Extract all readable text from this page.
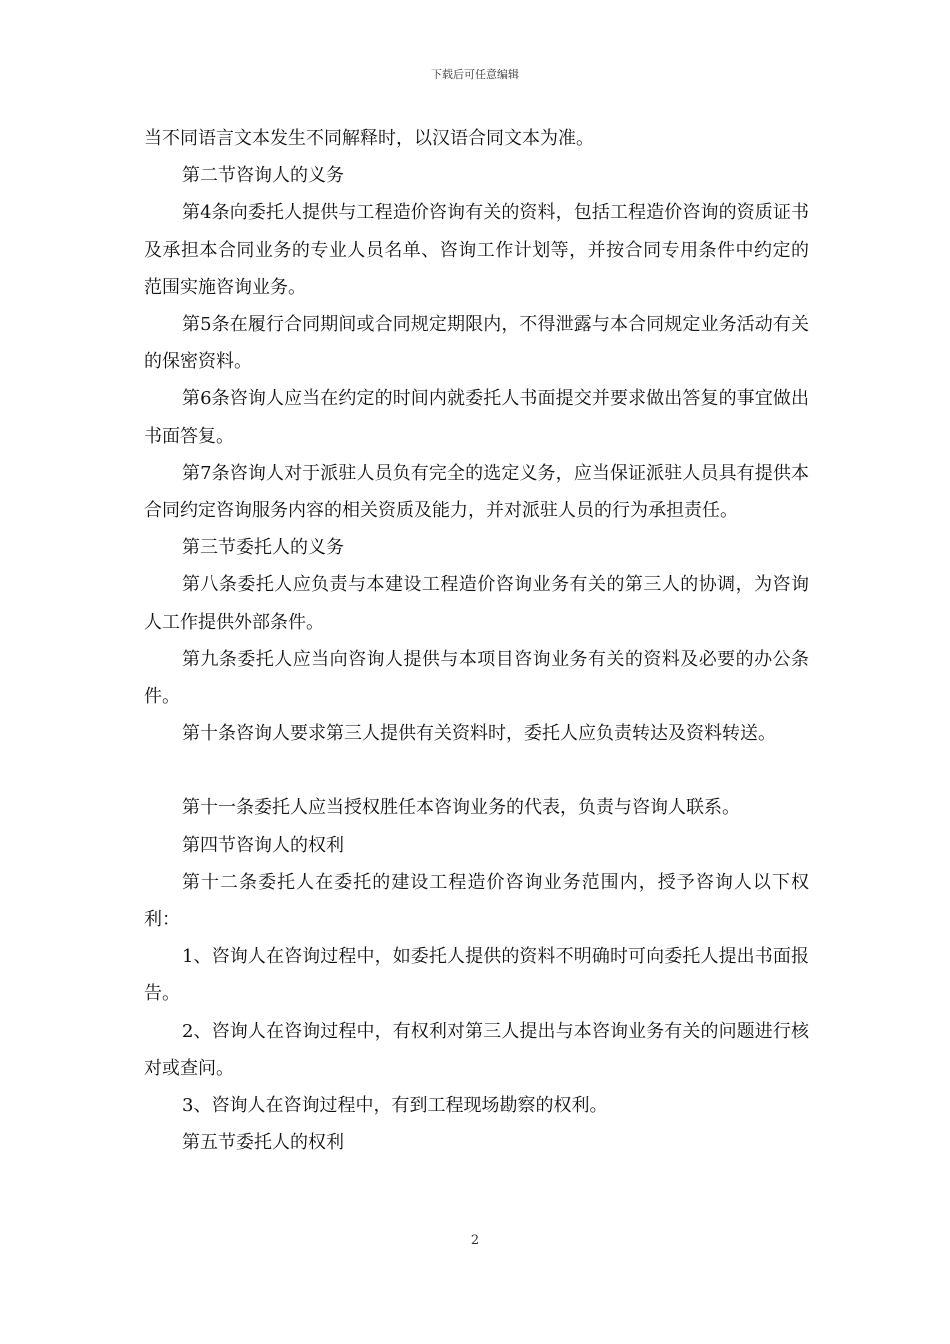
下载后可任意编辑

当不同语言文本发生不同解释时，以汉语合同文本为准。

第二节咨询人的义务

第4条向委托人提供与工程造价咨询有关的资料，包括工程造价咨询的资质证书及承担本合同业务的专业人员名单、咨询工作计划等，并按合同专用条件中约定的范围实施咨询业务。

第5条在履行合同期间或合同规定期限内，不得泄露与本合同规定业务活动有关的保密资料。

第6条咨询人应当在约定的时间内就委托人书面提交并要求做出答复的事宜做出书面答复。

第7条咨询人对于派驻人员负有完全的选定义务，应当保证派驻人员具有提供本合同约定咨询服务内容的相关资质及能力，并对派驻人员的行为承担责任。

第三节委托人的义务

第八条委托人应负责与本建设工程造价咨询业务有关的第三人的协调，为咨询人工作提供外部条件。

第九条委托人应当向咨询人提供与本项目咨询业务有关的资料及必要的办公条件。

第十条咨询人要求第三人提供有关资料时，委托人应负责转达及资料转送。

第十一条委托人应当授权胜任本咨询业务的代表，负责与咨询人联系。

第四节咨询人的权利

第十二条委托人在委托的建设工程造价咨询业务范围内，授予咨询人以下权利：

1、咨询人在咨询过程中，如委托人提供的资料不明确时可向委托人提出书面报告。

2、咨询人在咨询过程中，有权利对第三人提出与本咨询业务有关的问题进行核对或查问。

3、咨询人在咨询过程中，有到工程现场勘察的权利。

第五节委托人的权利

2
